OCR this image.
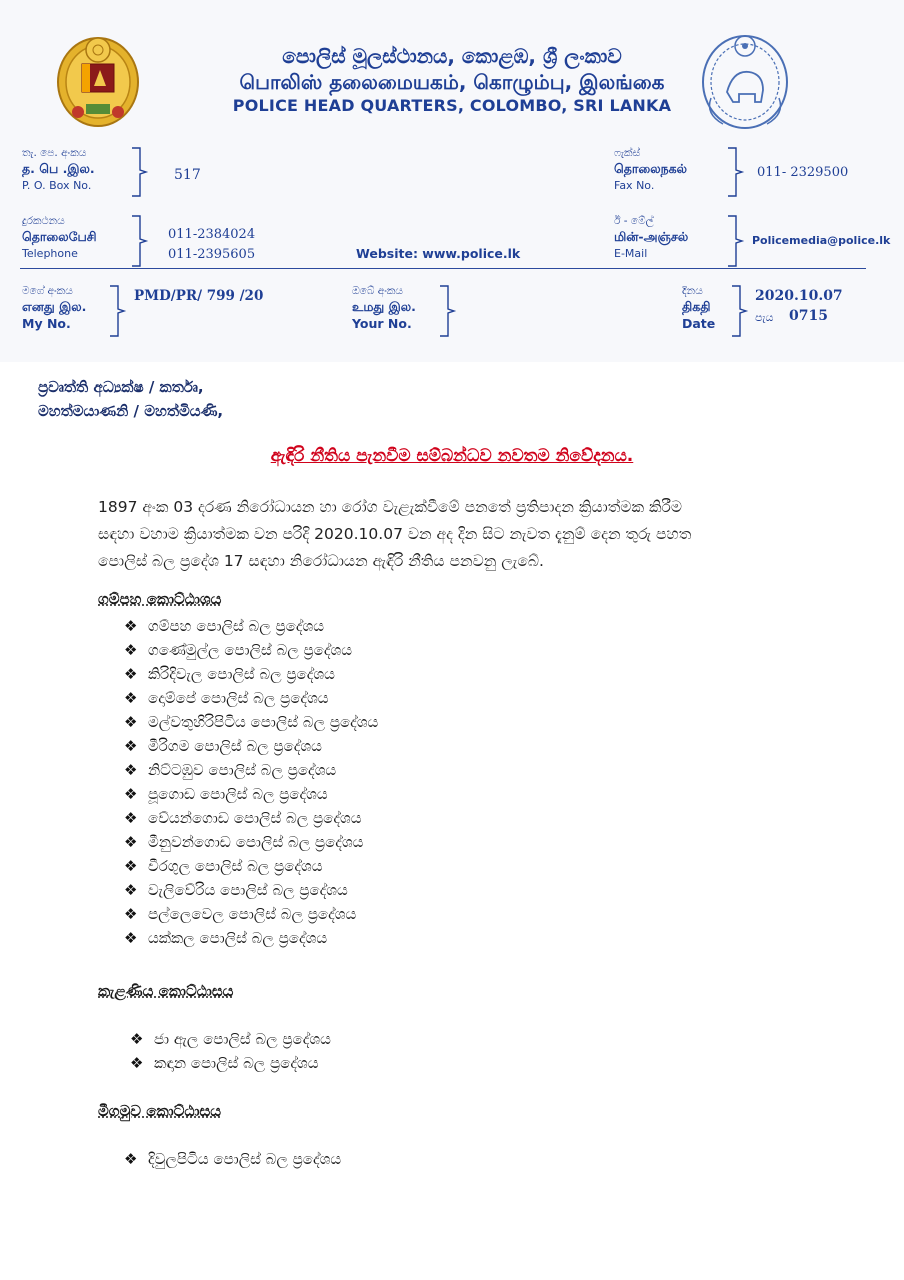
පොලිස් මූලස්ථානය, කොළඹ, ශ්‍රී ලංකාව
பொலிஸ் தலைமையகம், கொழும்பு, இலங்கை
POLICE HEAD QUARTERS, COLOMBO, SRI LANKA
තැ. පෙ. අංකය
த. பெ .இல.
P. O. Box No.
517
ෆැක්ස්
தொலைநகல்
Fax No.
011- 2329500
දුරකථනය
தொலைபேசி
Telephone
011-2384024
011-2395605	Website: www.police.lk
ඊ - මේල්
மின்-அஞ்சல்
E-Mail
Policemedia@police.lk
මගේ අංකය
எனது இல.
My No.
PMD/PR/ 799 /20	ඔබේ අංකය
உமது இல.
Your No.
දිනය
திகதி
Date
2020.10.07
පැය 0715
ප්‍රවෘත්ති අධ්‍යක්ෂ / කර්තෘ,
මහත්මයාණනි / මහත්මියණි,
ඇඳිරි නීතිය පැනවීම සම්බන්ධව නවතම නිවේදනය.
1897 අංක 03 දරණ නිරෝධායන හා රෝග වැළැක්වීමේ පනතේ ප්‍රතිපාදන ක්‍රියාත්මක කිරීම
සඳහා වහාම ක්‍රියාත්මක වන පරිදි 2020.10.07 වන අද දින සිට නැවත දැනුම් දෙන තුරු පහත
පොලිස් බල ප්‍රදේශ 17 සඳහා නිරෝධායන ඇඳිරි නීතිය පනවනු ලැබේ.
ගම්පහ කොට්ඨාශය
❖ ගම්පහ පොලිස් බල ප්‍රදේශය
❖ ගණේමුල්ල පොලිස් බල ප්‍රදේශය
❖ කිරිදිවැල පොලිස් බල ප්‍රදේශය
❖ දොම්පේ පොලිස් බල ප්‍රදේශය
❖ මල්වතුහිරිපිටිය පොලිස් බල ප්‍රදේශය
❖ මීරිගම පොලිස් බල ප්‍රදේශය
❖ නිට්ටඹුව පොලිස් බල ප්‍රදේශය
❖ පූගොඩ පොලිස් බල ප්‍රදේශය
❖ වේයන්ගොඩ පොලිස් බල ප්‍රදේශය
❖ මීනුවන්ගොඩ පොලිස් බල ප්‍රදේශය
❖ වීරගුල පොලිස් බල ප්‍රදේශය
❖ වැලිවේරිය පොලිස් බල ප්‍රදේශය
❖ පල්ලෙවෙල පොලිස් බල ප්‍රදේශය
❖ යක්කල පොලිස් බල ප්‍රදේශය
කැළණිය කොට්ඨාසය
❖ ජා ඇල පොලිස් බල ප්‍රදේශය
❖ කඳාන පොලිස් බල ප්‍රදේශය
මීගමුව කොට්ඨාසය
❖ දිවුලපිටිය පොලිස් බල ප්‍රදේශය
